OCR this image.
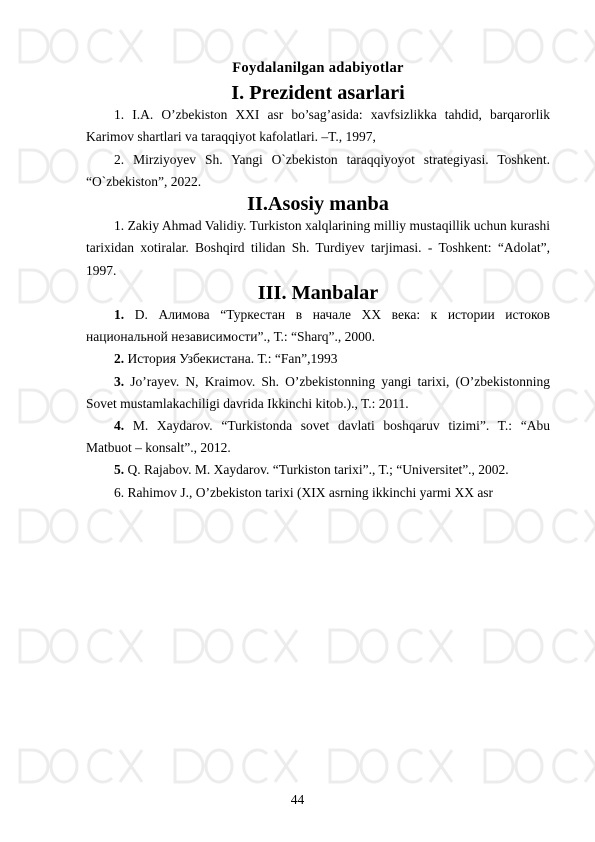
Foydalanilgan adabiyotlar
I. Prezident asarlari

1. I.A. O’zbekiston XXI asr bo’sag’asida: xavfsizlikka tahdid, barqarorlik Karimov shartlari va taraqqiyot kafolatlari. –T., 1997,

2. Mirziyoyev Sh. Yangi O`zbekiston taraqqiyoyot strategiyasi. Toshkent. “O`zbekiston”, 2022.

II.Asosiy manba

1. Zakiy Ahmad Validiy. Turkiston xalqlarining milliy mustaqillik uchun kurashi tarixidan xotiralar. Boshqird tilidan Sh. Turdiyev tarjimasi. - Toshkent: “Adolat”, 1997.

III. Manbalar

1. D. Алимова “Туркестан в начале XX века: к истории истоков национальной независимости”., Т.: “Sharq”., 2000.

2. История Узбекистана. Т.: “Fan”,1993

3. Jo’rayev. N, Kraimov. Sh. O’zbekistonning yangi tarixi, (O’zbekistonning Sovet mustamlakachiligi davrida Ikkinchi kitob.)., T.: 2011.

4. M. Xaydarov. “Turkistonda sovet davlati boshqaruv tizimi”. T.: “Abu Matbuot – konsalt”., 2012.

5. Q. Rajabov. M. Xaydarov. “Turkiston tarixi”., T.; “Universitet”., 2002.

6. Rahimov J., O’zbekiston tarixi (XIX asrning ikkinchi yarmi XX asr

44
